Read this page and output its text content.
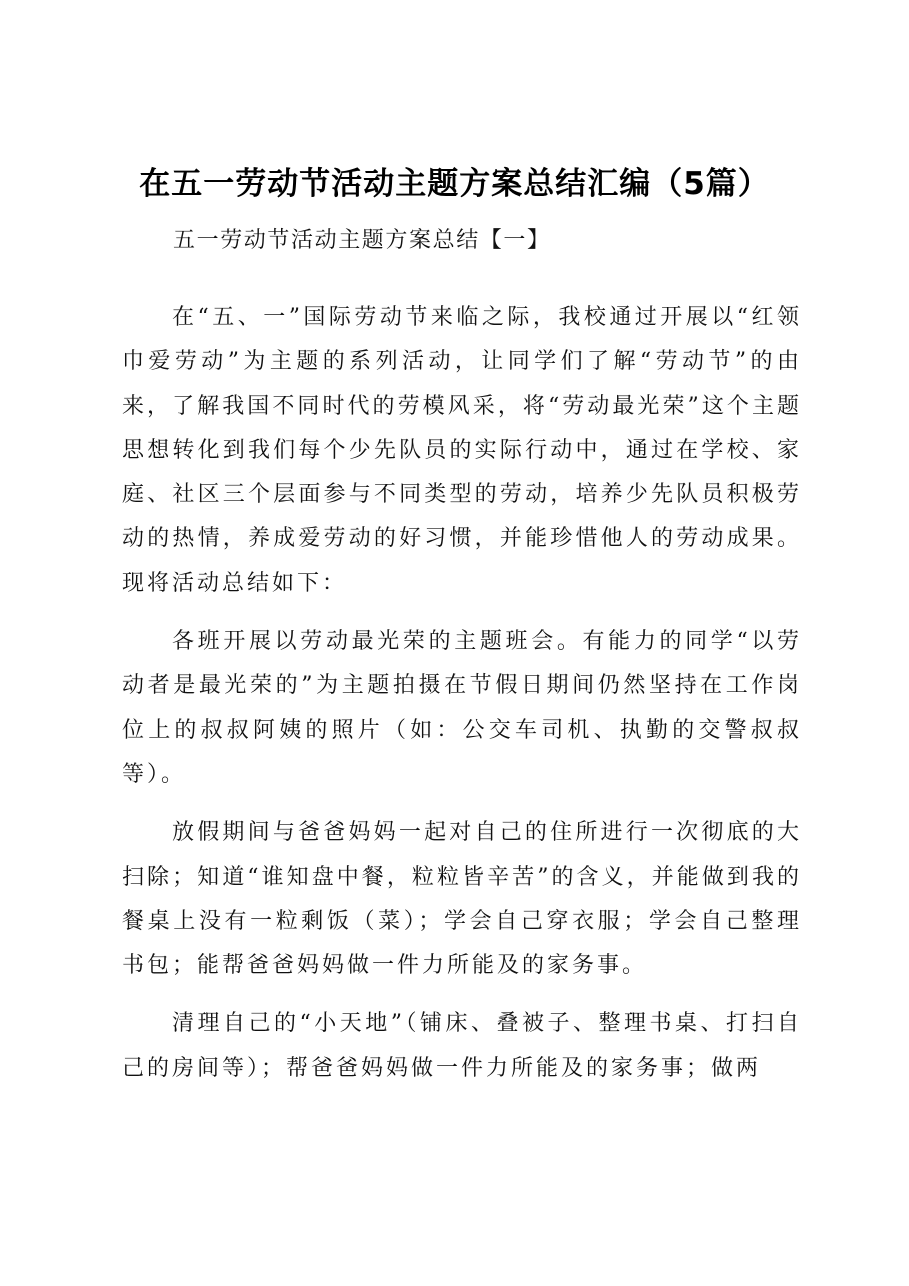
在五一劳动节活动主题方案总结汇编（5篇）
五一劳动节活动主题方案总结【一】

在“五、一”国际劳动节来临之际，我校通过开展以“红领巾爱劳动”为主题的系列活动，让同学们了解“劳动节”的由来，了解我国不同时代的劳模风采，将“劳动最光荣”这个主题思想转化到我们每个少先队员的实际行动中，通过在学校、家庭、社区三个层面参与不同类型的劳动，培养少先队员积极劳动的热情，养成爱劳动的好习惯，并能珍惜他人的劳动成果。现将活动总结如下：

各班开展以劳动最光荣的主题班会。有能力的同学“以劳动者是最光荣的”为主题拍摄在节假日期间仍然坚持在工作岗位上的叔叔阿姨的照片（如：公交车司机、执勤的交警叔叔等）。

放假期间与爸爸妈妈一起对自己的住所进行一次彻底的大扫除；知道“谁知盘中餐，粒粒皆辛苦”的含义，并能做到我的餐桌上没有一粒剩饭（菜）；学会自己穿衣服；学会自己整理书包；能帮爸爸妈妈做一件力所能及的家务事。

清理自己的“小天地”（铺床、叠被子、整理书桌、打扫自己的房间等）；帮爸爸妈妈做一件力所能及的家务事；做两
